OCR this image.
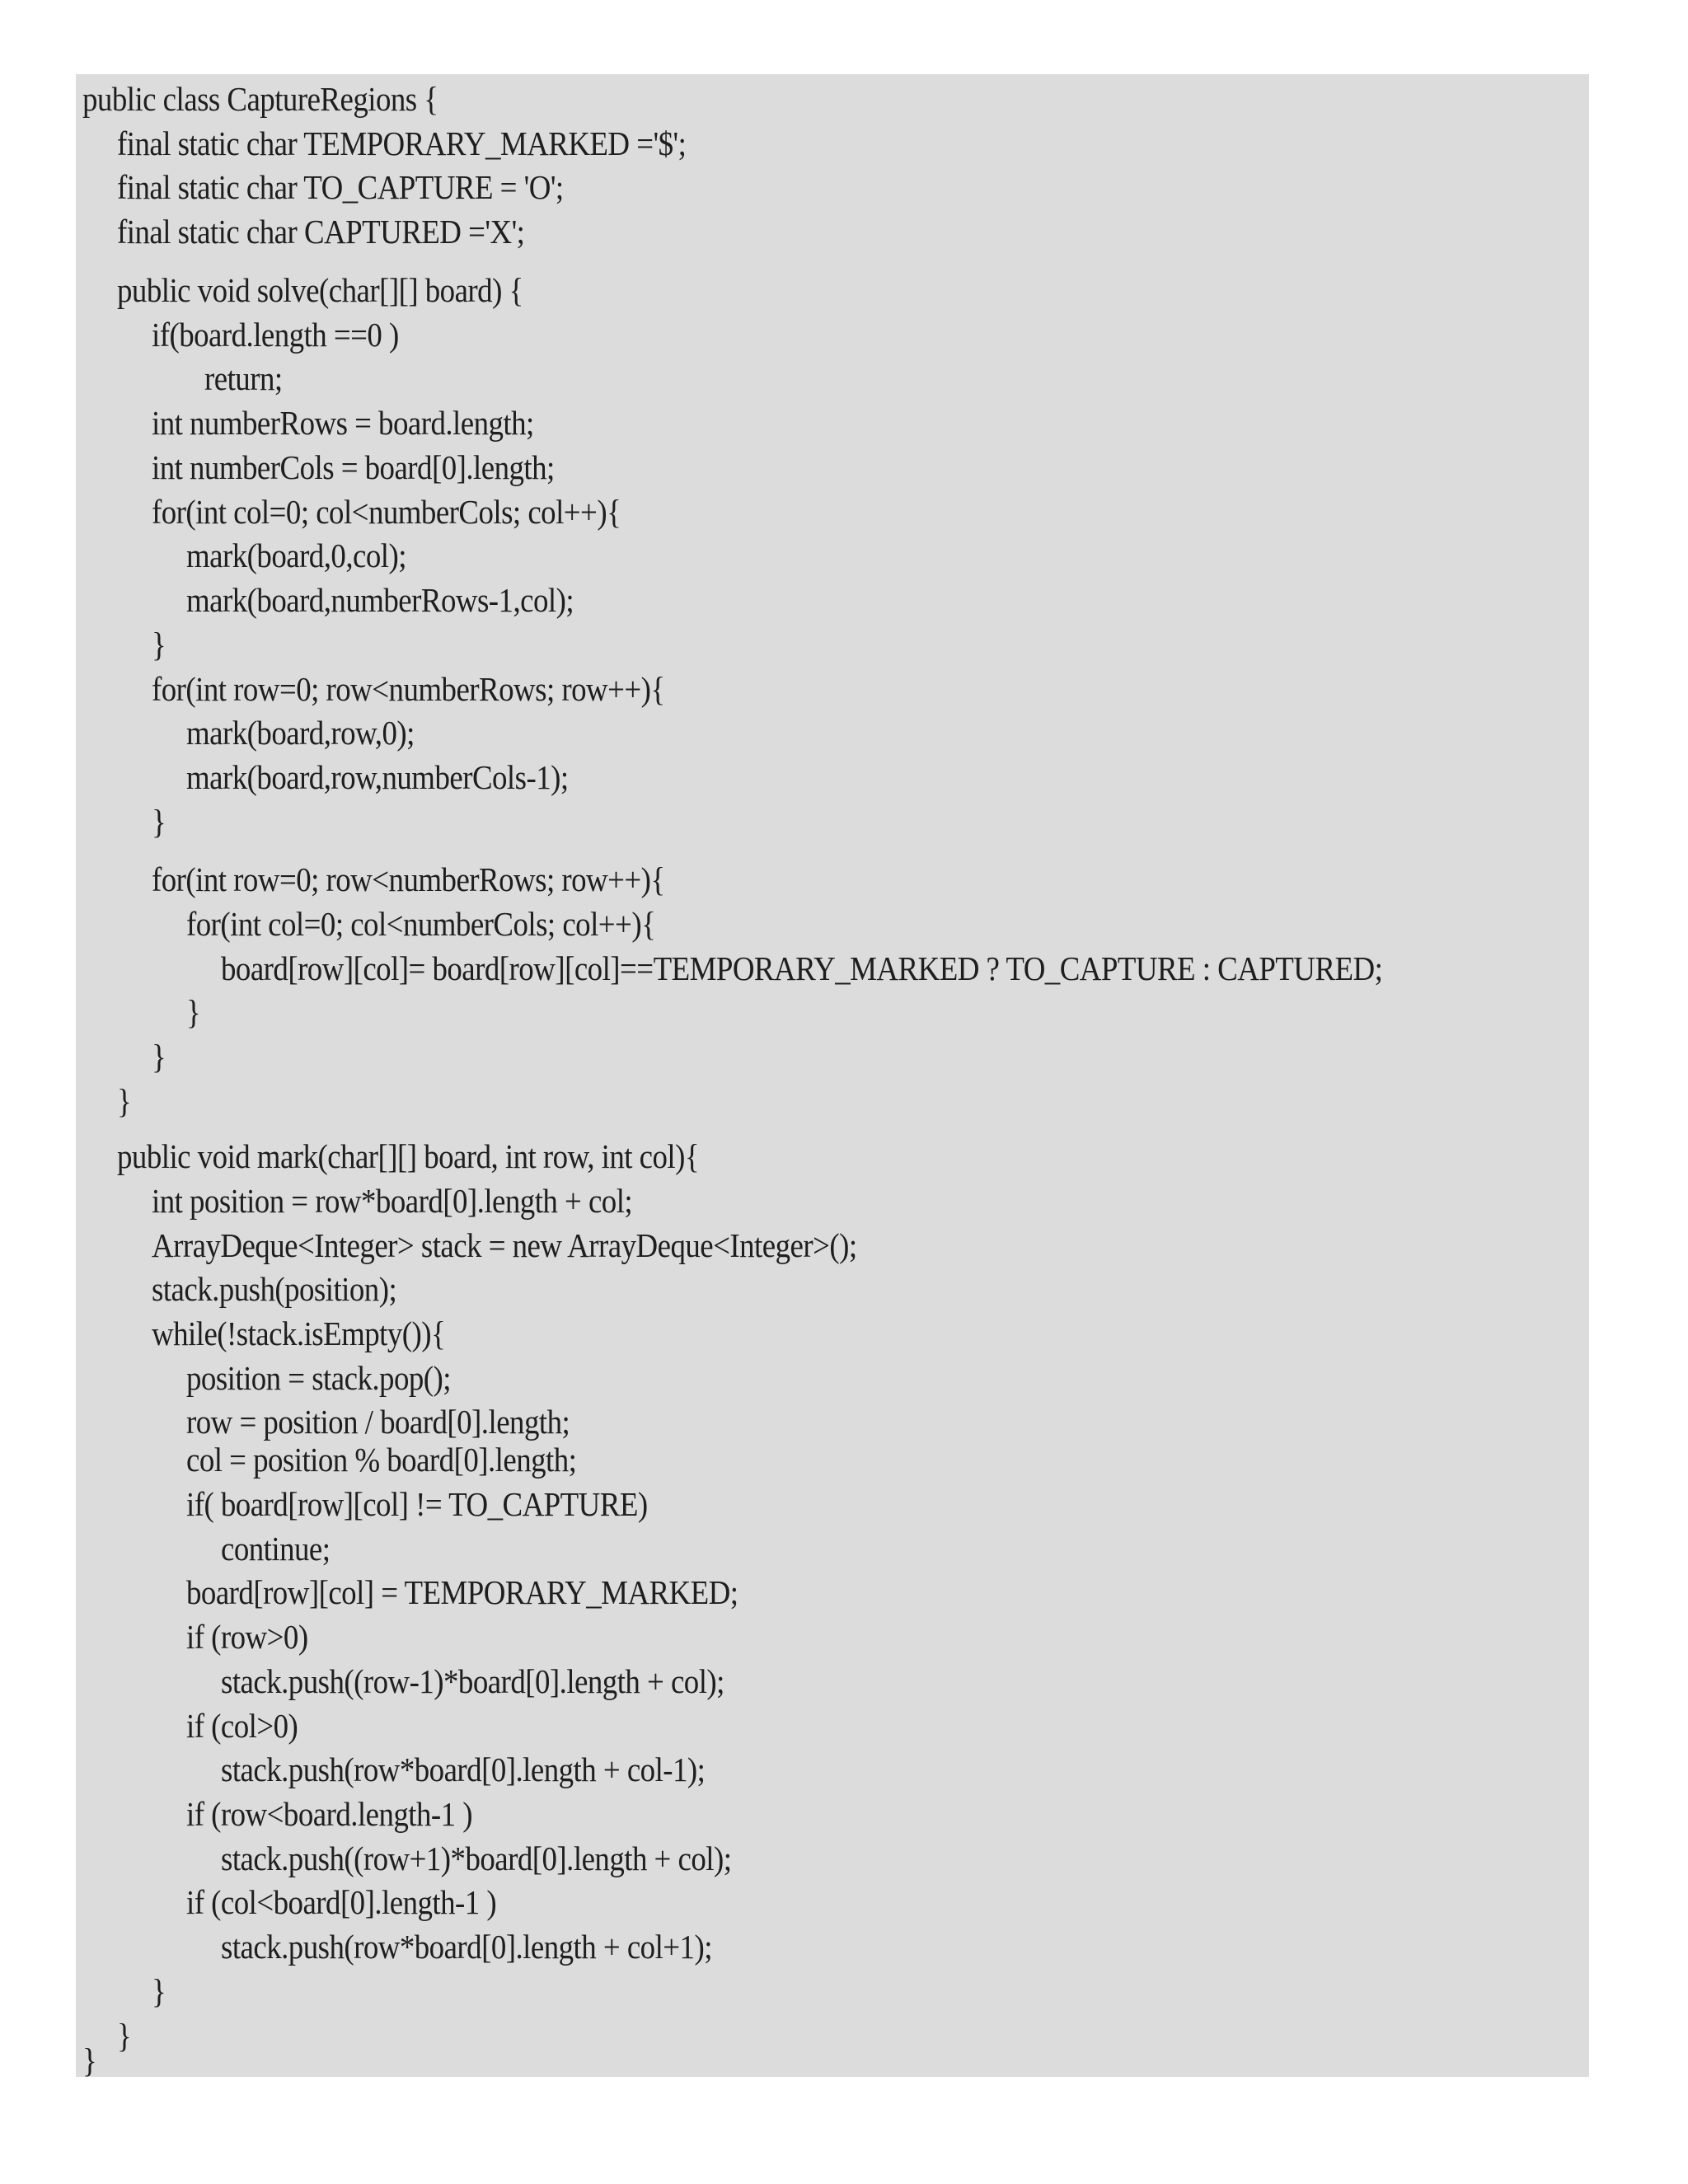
public class CaptureRegions {
final static char TEMPORARY_MARKED ='$';
final static char TO_CAPTURE = 'O';
final static char CAPTURED ='X';
public void solve(char[][] board) {
if(board.length ==0 )
return;
int numberRows = board.length;
int numberCols = board[0].length;
for(int col=0; col<numberCols; col++){
mark(board,0,col);
mark(board,numberRows-1,col);
}
for(int row=0; row<numberRows; row++){
mark(board,row,0);
mark(board,row,numberCols-1);
}
for(int row=0; row<numberRows; row++){
for(int col=0; col<numberCols; col++){
board[row][col]= board[row][col]==TEMPORARY_MARKED ? TO_CAPTURE : CAPTURED;
}
}
}
public void mark(char[][] board, int row, int col){
int position = row*board[0].length + col;
ArrayDeque<Integer> stack = new ArrayDeque<Integer>();
stack.push(position);
while(!stack.isEmpty()){
position = stack.pop();
row = position / board[0].length;
col = position % board[0].length;
if( board[row][col] != TO_CAPTURE)
continue;
board[row][col] = TEMPORARY_MARKED;
if (row>0)
stack.push((row-1)*board[0].length + col);
if (col>0)
stack.push(row*board[0].length + col-1);
if (row<board.length-1 )
stack.push((row+1)*board[0].length + col);
if (col<board[0].length-1 )
stack.push(row*board[0].length + col+1);
}
}
}
